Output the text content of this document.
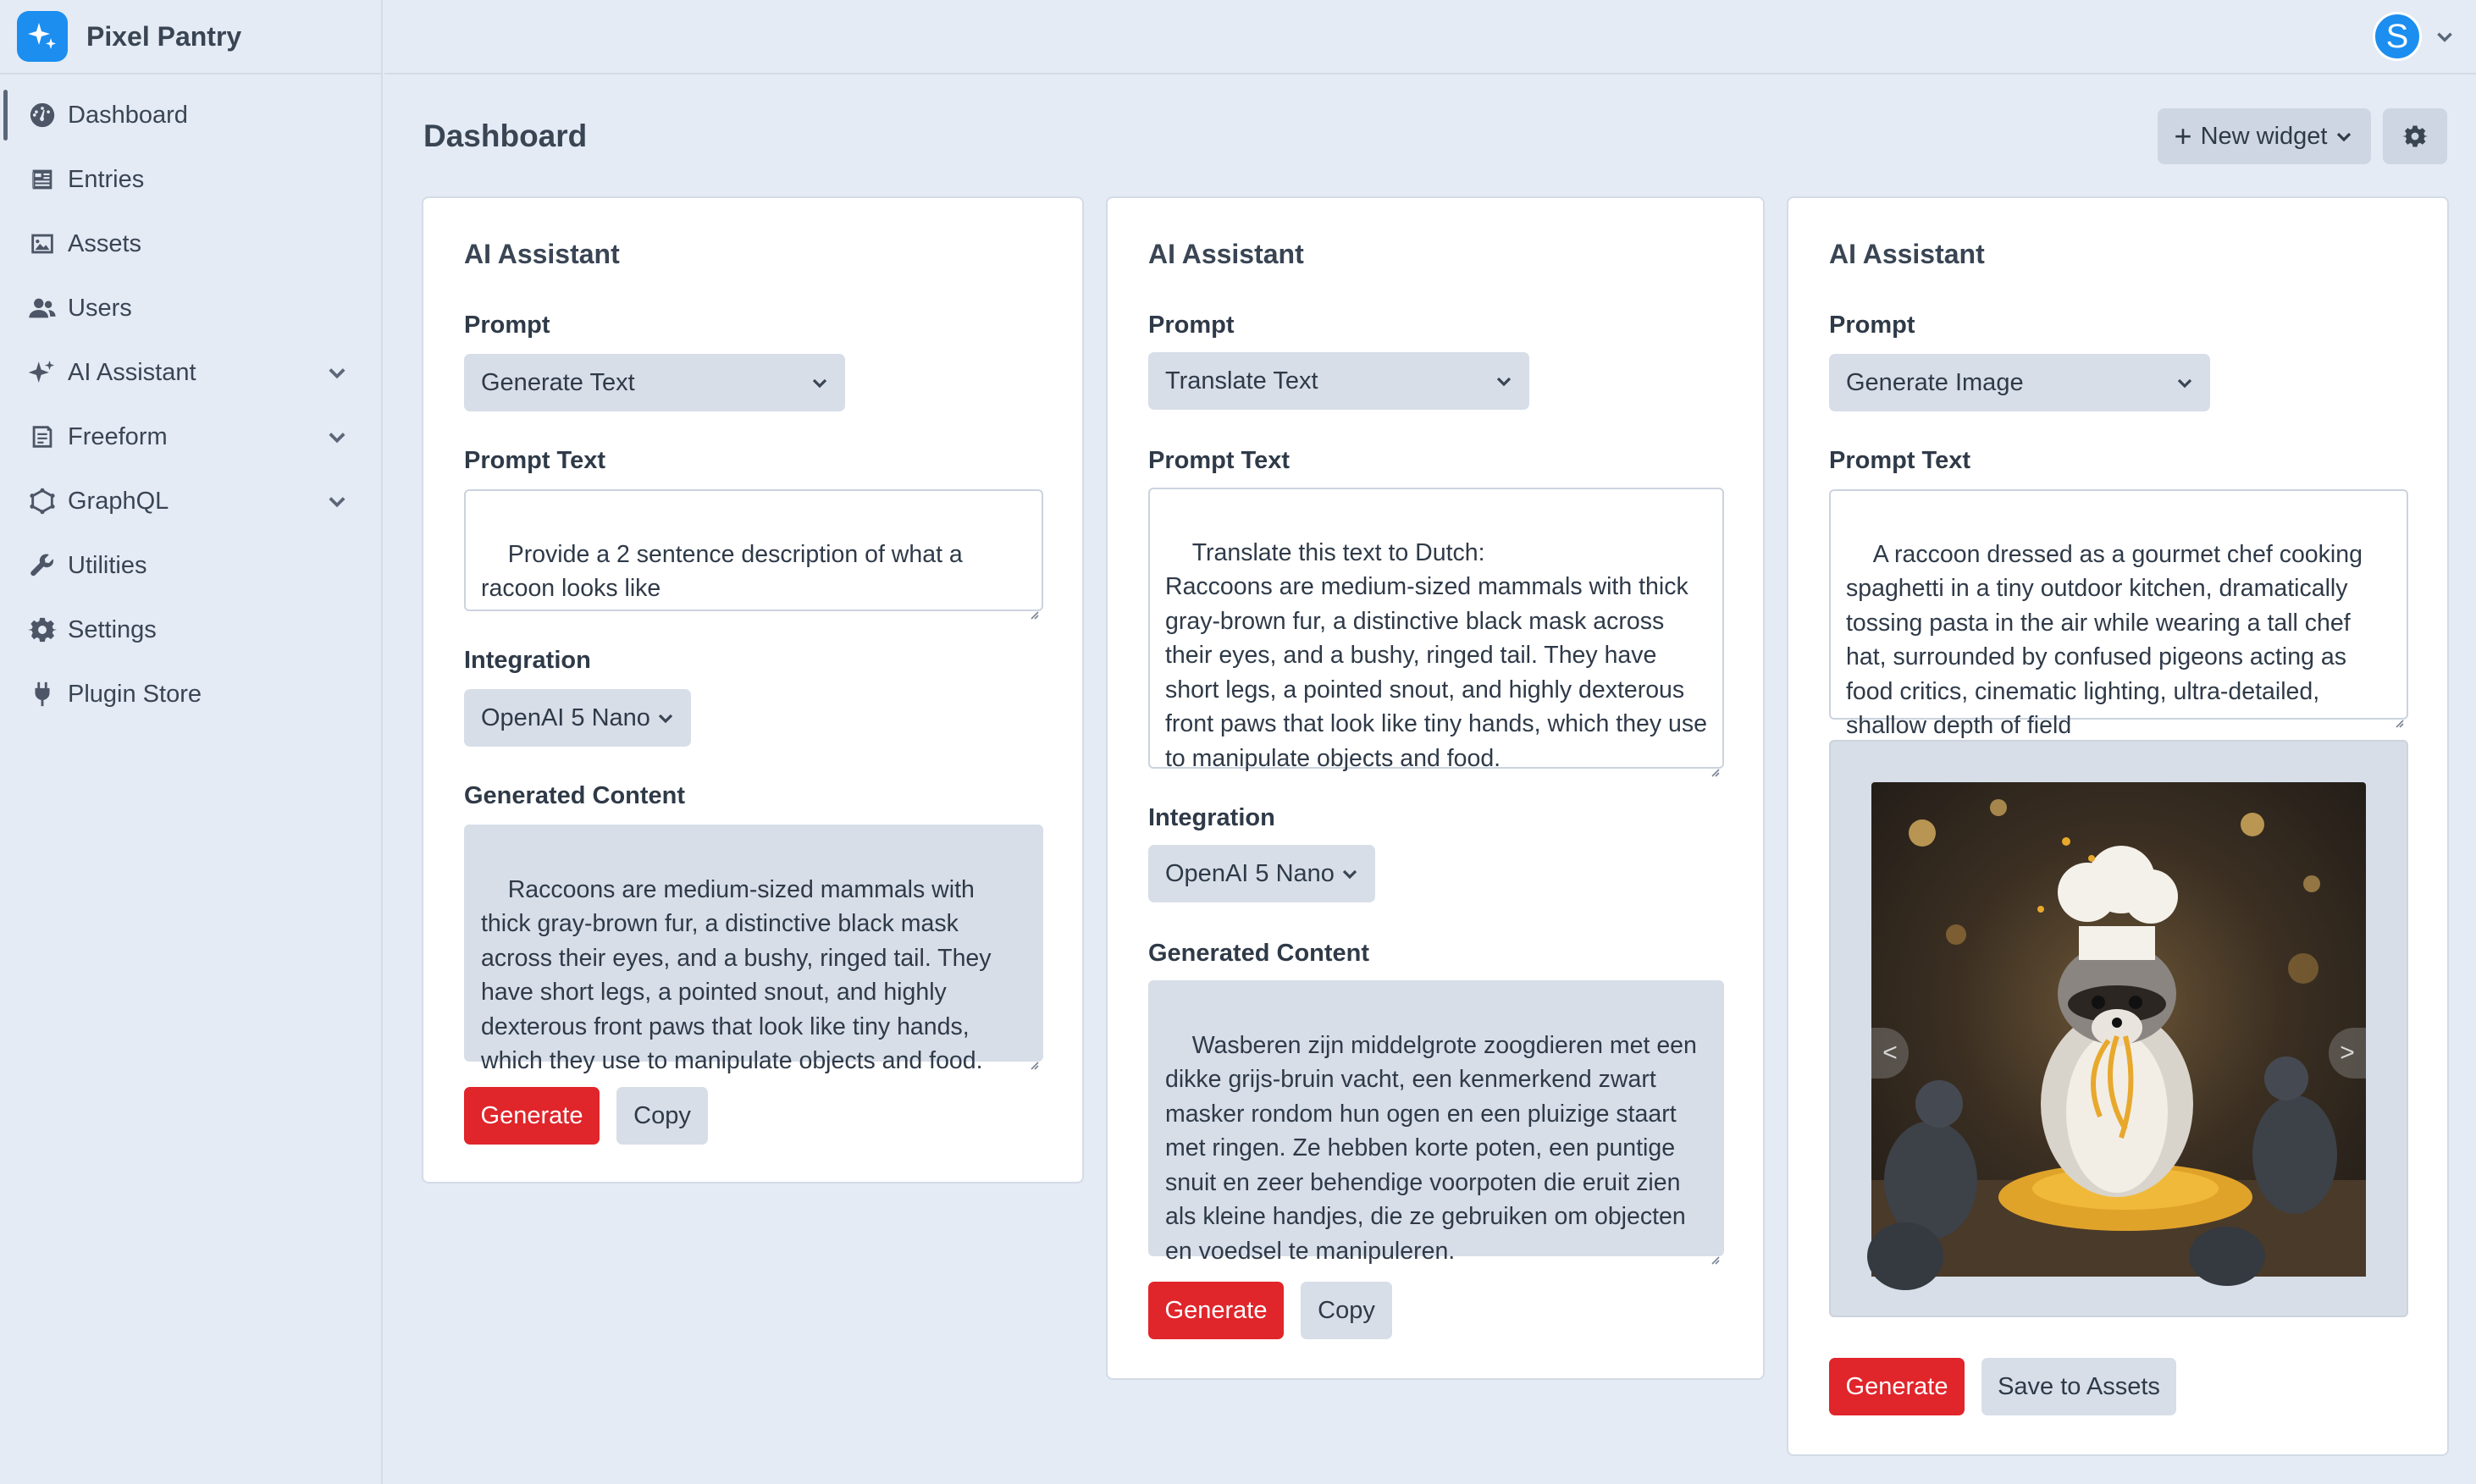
Pixel Pantry
Dashboard
Entries
Assets
Users
AI Assistant
Freeform
GraphQL
Utilities
Settings
Plugin Store
S
Dashboard	+ New widget
AI Assistant
Prompt
Generate Text
Prompt Text

Provide a 2 sentence description of what a racoon looks like

Integration
OpenAI 5 Nano
Generated Content

Raccoons are medium-sized mammals with thick gray-brown fur, a distinctive black mask across their eyes, and a bushy, ringed tail. They have short legs, a pointed snout, and highly dexterous front paws that look like tiny hands, which they use to manipulate objects and food.

Generate	Copy
AI Assistant
Prompt
Translate Text
Prompt Text

Translate this text to Dutch:
Raccoons are medium-sized mammals with thick gray-brown fur, a distinctive black mask across their eyes, and a bushy, ringed tail. They have short legs, a pointed snout, and highly dexterous front paws that look like tiny hands, which they use to manipulate objects and food.

Integration
OpenAI 5 Nano
Generated Content

Wasberen zijn middelgrote zoogdieren met een dikke grijs-bruin vacht, een kenmerkend zwart masker rondom hun ogen en een pluizige staart met ringen. Ze hebben korte poten, een puntige snuit en zeer behendige voorpoten die eruit zien als kleine handjes, die ze gebruiken om objecten en voedsel te manipuleren.

Generate	Copy
AI Assistant
Prompt
Generate Image
Prompt Text

A raccoon dressed as a gourmet chef cooking spaghetti in a tiny outdoor kitchen, dramatically tossing pasta in the air while wearing a tall chef hat, surrounded by confused pigeons acting as food critics, cinematic lighting, ultra-detailed, shallow depth of field

<	>
Generate	Save to Assets
